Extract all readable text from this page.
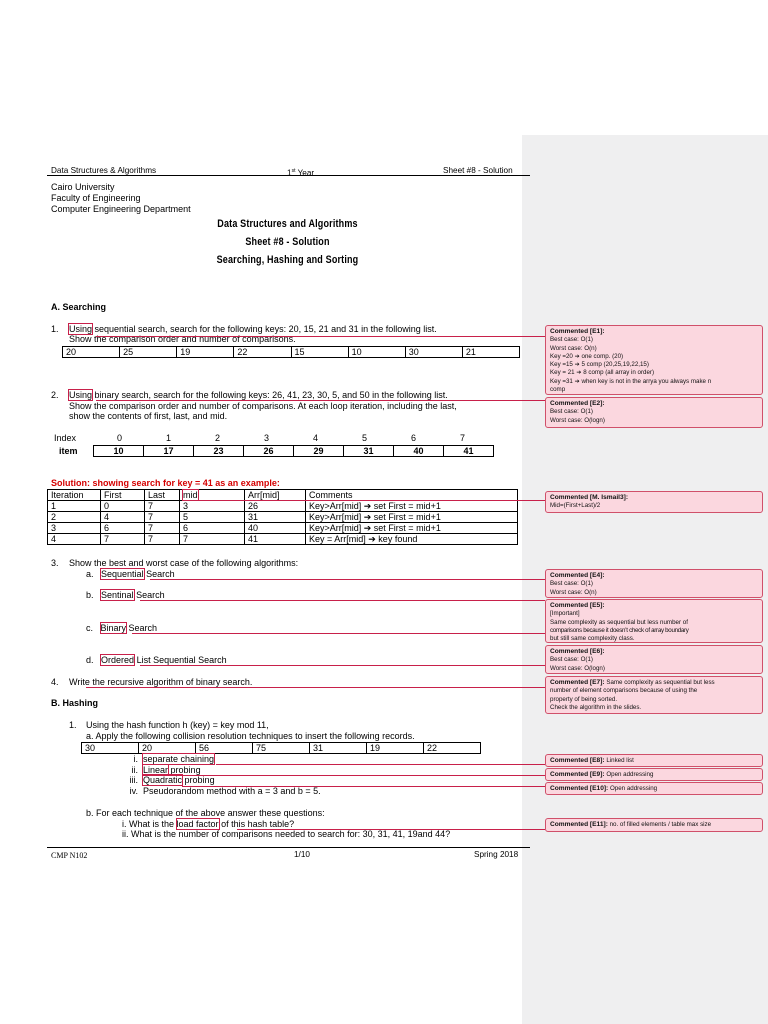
Data Structures & Algorithms	1st Year	Sheet #8 - Solution
Cairo University
Faculty of Engineering
Computer Engineering Department
Data Structures and Algorithms
Sheet #8 - Solution
Searching, Hashing and Sorting
A. Searching
1. Using sequential search, search for the following keys: 20, 15, 21 and 31 in the following list.
Show the comparison order and number of comparisons.
20	25	19	22	15	10	30	21
2. Using binary search, search for the following keys: 26, 41, 23, 30, 5, and 50 in the following list.
Show the comparison order and number of comparisons. At each loop iteration, including the last,
show the contents of first, last, and mid.
Index	0	1	2	3	4	5	6	7
item	10	17	23	26	29	31	40	41
Solution: showing search for key = 41 as an example:
Iteration	First	Last	mid	Arr[mid]	Comments
1	0	7	3	26	Key>Arr[mid] ➔ set First = mid+1
2	4	7	5	31	Key>Arr[mid] ➔ set First = mid+1
3	6	7	6	40	Key>Arr[mid] ➔ set First = mid+1
4	7	7	7	41	Key = Arr[mid] ➔ key found
3. Show the best and worst case of the following algorithms:
a. Sequential Search
b. Sentinal Search
c. Binary Search
d. Ordered List Sequential Search
4. Write the recursive algorithm of binary search.
B. Hashing
1. Using the hash function h (key) = key mod 11,
a. Apply the following collision resolution techniques to insert the following records.
30	20	56	75	31	19	22
i. separate chaining
ii. Linear probing
iii. Quadratic probing
iv. Pseudorandom method with a = 3 and b = 5.
b. For each technique of the above answer these questions:
i. What is the load factor of this hash table?
ii. What is the number of comparisons needed to search for: 30, 31, 41, 19and 44?
CMP N102	1/10	Spring 2018
Commented [E1]:
Best case: O(1)
Worst case: O(n)
Key =20 ➔ one comp. (20)
Key =15 ➔ 5 comp (20,25,19,22,15)
Key = 21 ➔ 8 comp (all array in order)
Key =31 ➔ when key is not in the arrya you always make n
comp
Commented [E2]:
Best case: O(1)
Worst case: O(logn)
Commented [M. Ismail3]:
Mid=(First+Last)/2
Commented [E4]:
Best case: O(1)
Worst case: O(n)
Commented [E5]:
[Important]
Same complexity as sequential but less number of
comparisons because it doesn’t check of array boundary
but still same complexity class.
Commented [E6]:
Best case: O(1)
Worst case: O(logn)
Commented [E7]: Same complexity as sequential but less
number of element comparisons because of using the
property of being sorted.
Check the algorithm in the slides.
Commented [E8]: Linked list
Commented [E9]: Open addressing
Commented [E10]: Open addressing
Commented [E11]: no. of filled elements / table max size
